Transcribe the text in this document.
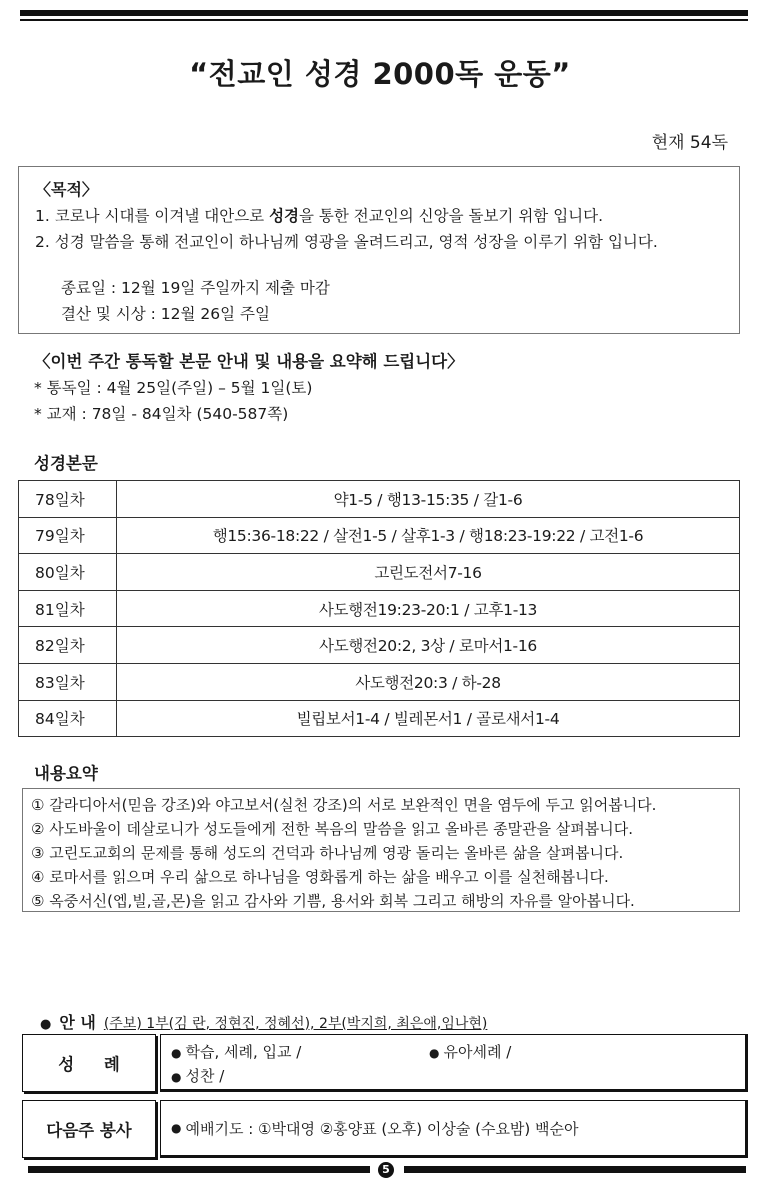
“전교인 성경 2000독 운동”
현재 54독
〈목적〉
1. 코로나 시대를 이겨낼 대안으로 성경을 통한 전교인의 신앙을 돌보기 위함 입니다.
2. 성경 말씀을 통해 전교인이 하나님께 영광을 올려드리고, 영적 성장을 이루기 위함 입니다.
종료일 : 12월 19일 주일까지 제출 마감
결산 및 시상 : 12월 26일 주일
〈이번 주간 통독할 본문 안내 및 내용을 요약해 드립니다〉
* 통독일 : 4월 25일(주일) – 5월 1일(토)
* 교재 : 78일 - 84일차 (540-587쪽)
성경본문
78일차	약1-5 / 행13-15:35 / 갈1-6
79일차	행15:36-18:22 / 살전1-5 / 살후1-3 / 행18:23-19:22 / 고전1-6
80일차	고린도전서7-16
81일차	사도행전19:23-20:1 / 고후1-13
82일차	사도행전20:2, 3상 / 로마서1-16
83일차	사도행전20:3 / 하-28
84일차	빌립보서1-4 / 빌레몬서1 / 골로새서1-4
내용요약
① 갈라디아서(믿음 강조)와 야고보서(실천 강조)의 서로 보완적인 면을 염두에 두고 읽어봅니다.
② 사도바울이 데살로니가 성도들에게 전한 복음의 말씀을 읽고 올바른 종말관을 살펴봅니다.
③ 고린도교회의 문제를 통해 성도의 건덕과 하나님께 영광 돌리는 올바른 삶을 살펴봅니다.
④ 로마서를 읽으며 우리 삶으로 하나님을 영화롭게 하는 삶을 배우고 이를 실천해봅니다.
⑤ 옥중서신(엡,빌,골,몬)을 읽고 감사와 기쁨, 용서와 회복 그리고 해방의 자유를 알아봅니다.
● 안 내 (주보) 1부(김 란, 정현진, 정혜선), 2부(박지희, 최은애,임나현)
성 례
● 학습, 세례, 입교 /	● 유아세례 /
● 성찬 /
다음주 봉사	● 예배기도 : ①박대영 ②홍양표 (오후) 이상술 (수요밤) 백순아
5
